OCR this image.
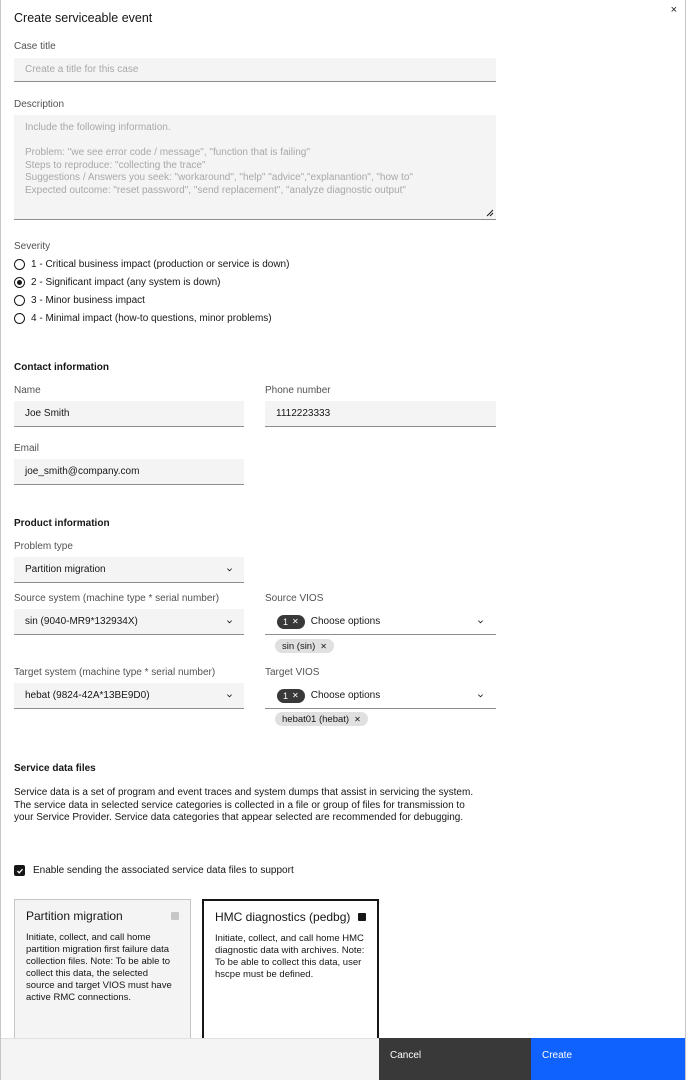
Create serviceable event
×
Case title
Create a title for this case
Description
Include the following information.

Problem: "we see error code / message", "function that is failing"
Steps to reproduce: "collecting the trace"
Suggestions / Answers you seek: "workaround", "help" "advice","explanantion", "how to"
Expected outcome: "reset password", "send replacement", "analyze diagnostic output"
Severity
1 - Critical business impact (production or service is down)
2 - Significant impact (any system is down)
3 - Minor business impact
4 - Minimal impact (how-to questions, minor problems)
Contact information
Name
Joe Smith
Phone number
1112223333
Email
joe_smith@company.com
Product information
Problem type
Partition migration
Source system (machine type * serial number)
sin (9040-MR9*132934X)
Source VIOS
1 ✕ Choose options
sin (sin) ✕
Target system (machine type * serial number)
hebat (9824-42A*13BE9D0)
Target VIOS
1 ✕ Choose options
hebat01 (hebat) ✕
Service data files
Service data is a set of program and event traces and system dumps that assist in servicing the system. The service data in selected service categories is collected in a file or group of files for transmission to your Service Provider. Service data categories that appear selected are recommended for debugging.
Enable sending the associated service data files to support
Partition migration
Initiate, collect, and call home partition migration first failure data collection files. Note: To be able to collect this data, the selected source and target VIOS must have active RMC connections.
HMC diagnostics (pedbg)
Initiate, collect, and call home HMC diagnostic data with archives. Note: To be able to collect this data, user hscpe must be defined.
Cancel	Create
